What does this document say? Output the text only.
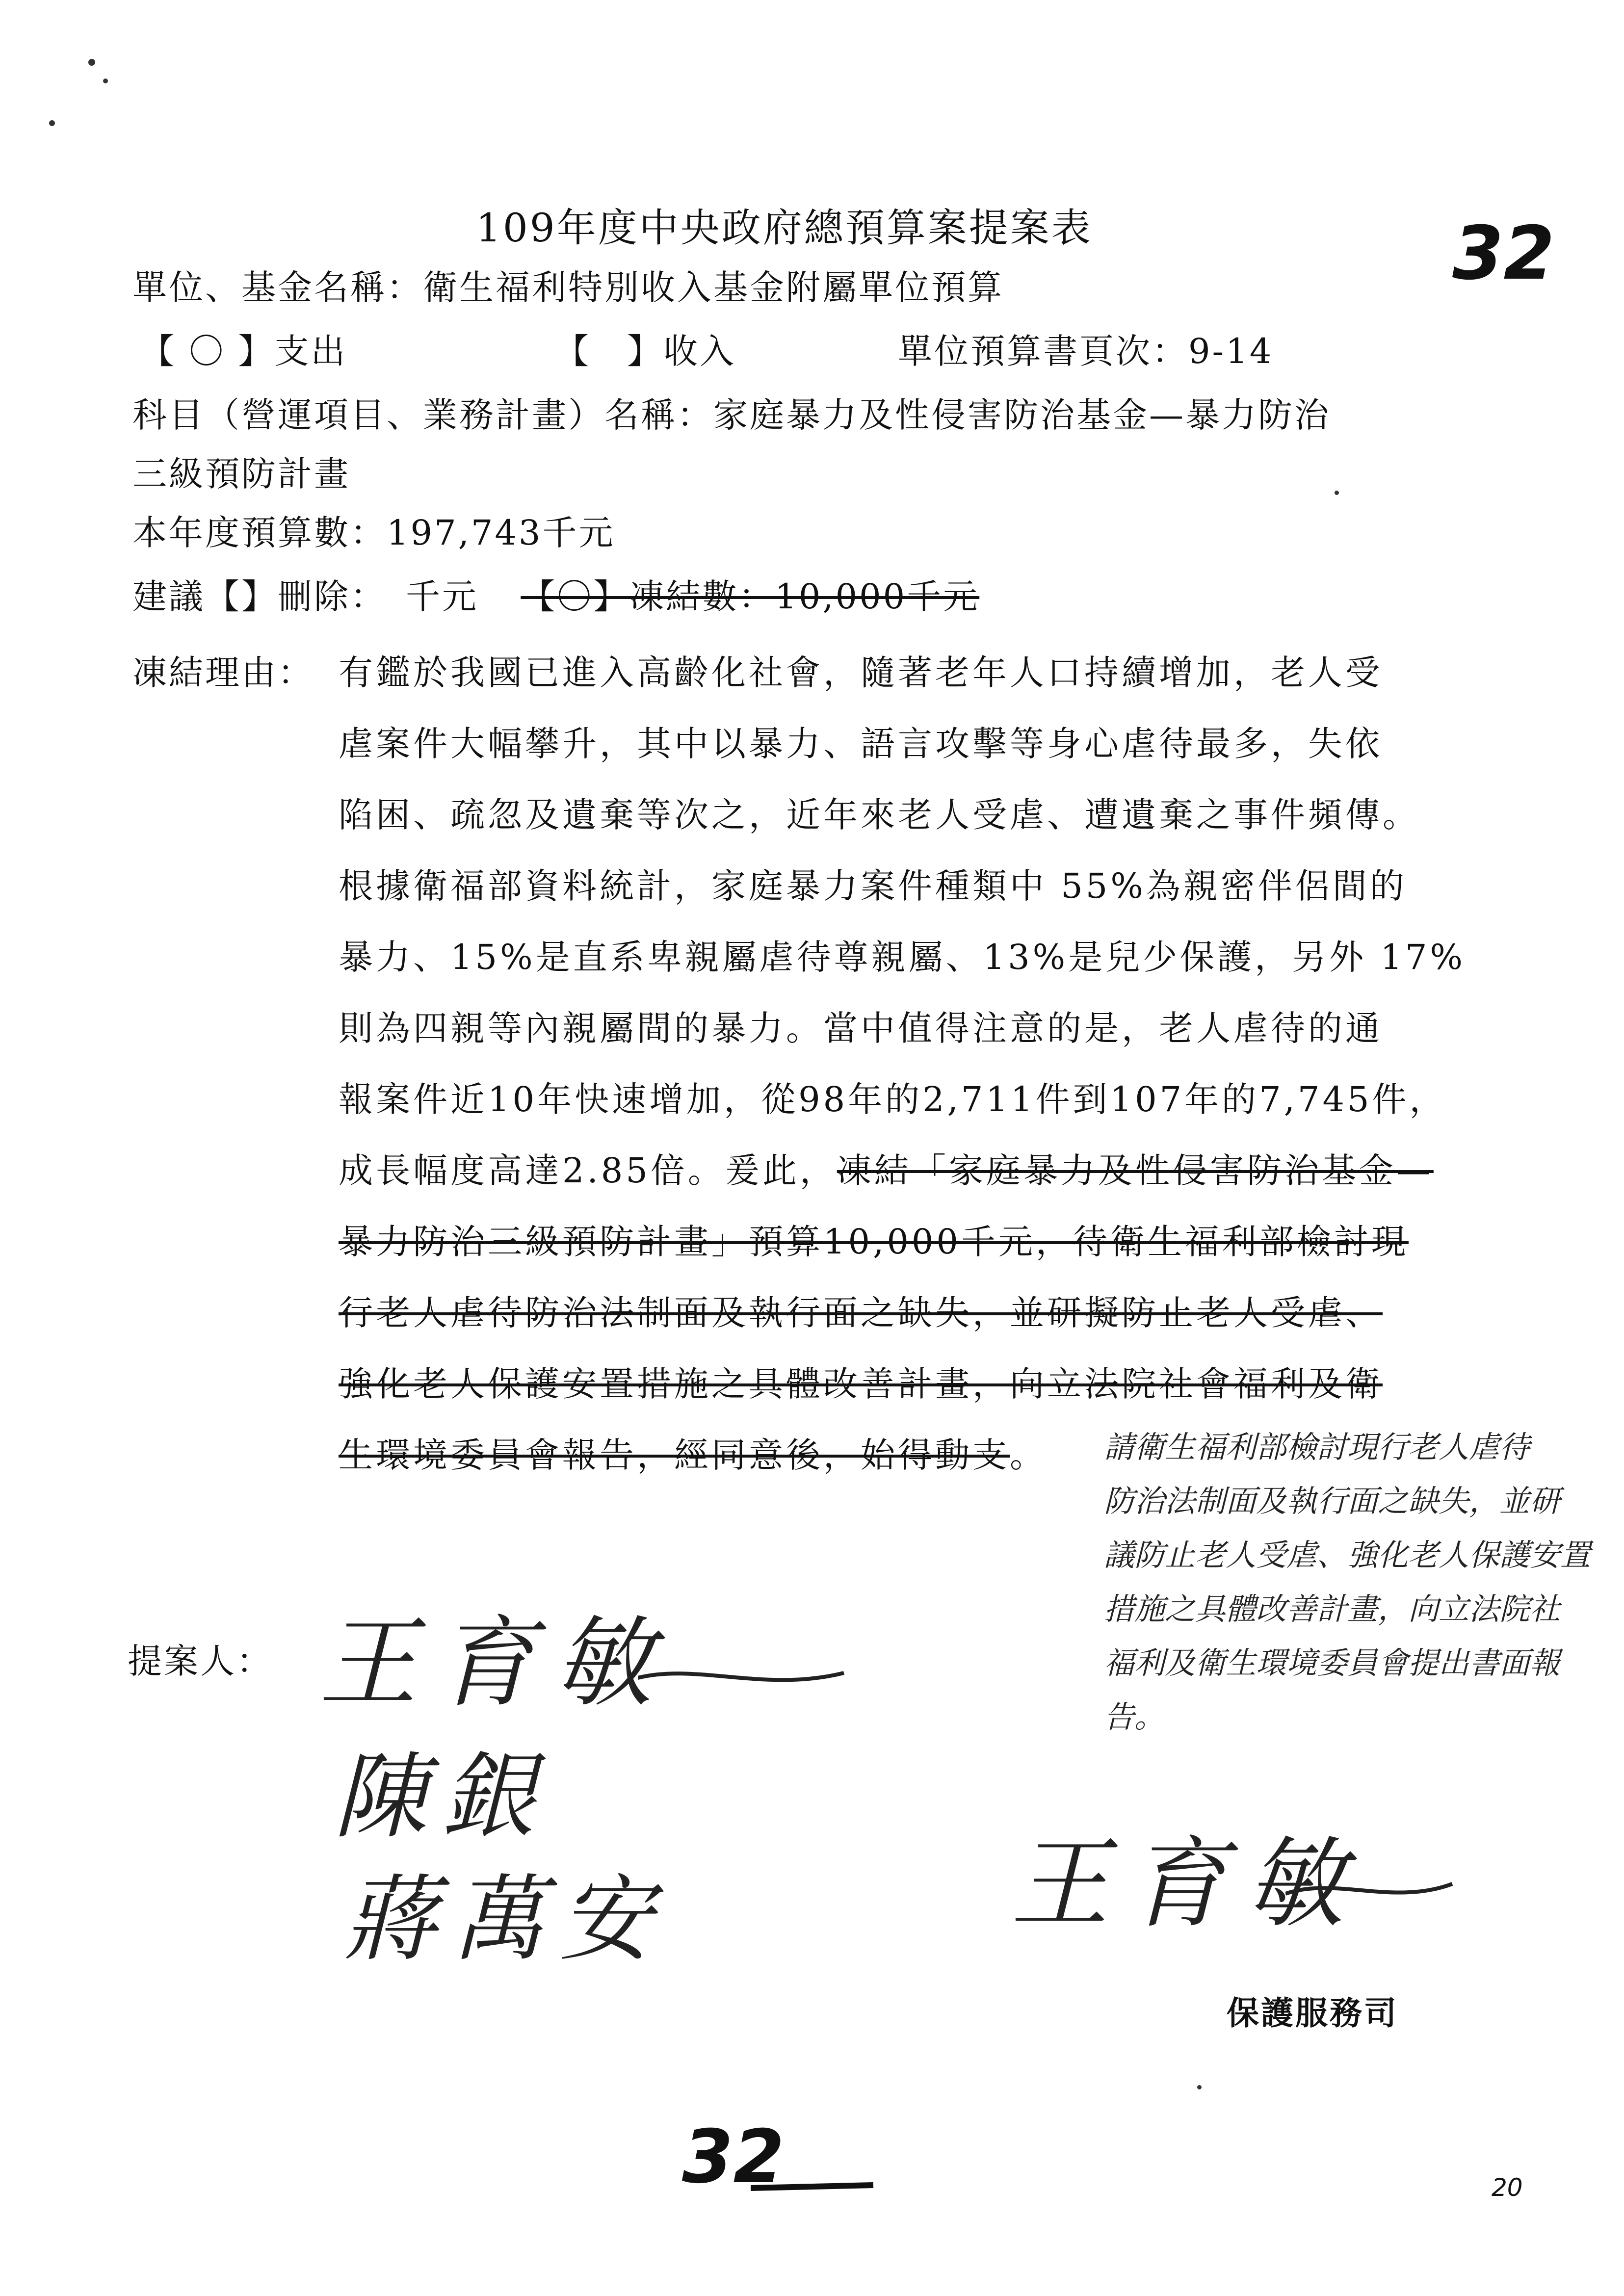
109年度中央政府總預算案提案表	32
單位、基金名稱：衛生福利特別收入基金附屬單位預算
【 〇 】支出	【　】收入	單位預算書頁次：9-14
科目（營運項目、業務計畫）名稱：家庭暴力及性侵害防治基金—暴力防治
三級預防計畫
本年度預算數：197,743千元
建議【】刪除：　千元 【〇】凍結數：10,000千元
凍結理由： 有鑑於我國已進入高齡化社會，隨著老年人口持續增加，老人受
虐案件大幅攀升，其中以暴力、語言攻擊等身心虐待最多，失依
陷困、疏忽及遺棄等次之，近年來老人受虐、遭遺棄之事件頻傳。
根據衛福部資料統計，家庭暴力案件種類中 55%為親密伴侶間的
暴力、15%是直系卑親屬虐待尊親屬、13%是兒少保護，另外 17%
則為四親等內親屬間的暴力。當中值得注意的是，老人虐待的通
報案件近10年快速增加，從98年的2,711件到107年的7,745件，
成長幅度高達2.85倍。爰此，凍結「家庭暴力及性侵害防治基金—
暴力防治三級預防計畫」預算10,000千元，待衛生福利部檢討現
行老人虐待防治法制面及執行面之缺失，並研擬防止老人受虐、
強化老人保護安置措施之具體改善計畫，向立法院社會福利及衛
生環境委員會報告，經同意後，始得動支。 請衛生福利部檢討現行老人虐待
防治法制面及執行面之缺失，並研
議防止老人受虐、強化老人保護安置
措施之具體改善計畫，向立法院社
福利及衛生環境委員會提出書面報
告。
提案人： 王育敏
陳銀
蔣萬安	王育敏
保護服務司
32	20
